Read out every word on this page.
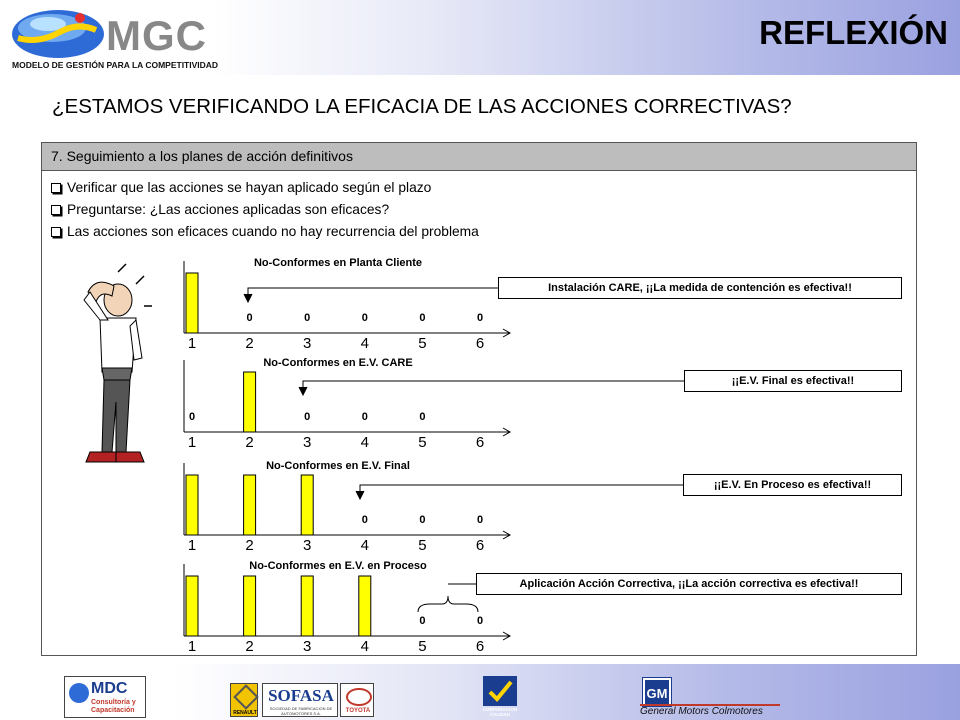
MGC
MODELO DE GESTIÓN PARA LA COMPETITIVIDAD
REFLEXIÓN
¿ESTAMOS VERIFICANDO LA EFICACIA DE LAS ACCIONES CORRECTIVAS?
7. Seguimiento a los planes de acción definitivos
Verificar que las acciones se hayan aplicado según el plazo
Preguntarse: ¿Las acciones aplicadas son eficaces?
Las acciones son eficaces cuando no hay recurrencia del problema
No-Conformes en Planta Cliente
1
0
2
0
3
0
4
0
5
0
6
No-Conformes en E.V. CARE
0
1	2
0
3
0
4
0
5	6
No-Conformes en E.V. Final
1	2	3
0
4
0
5
0
6
No-Conformes en E.V. en Proceso
1	2	3	4
0
5
0
6
Instalación CARE, ¡¡La medida de contención es efectiva!!
¡¡E.V. Final es efectiva!!
¡¡E.V. En Proceso es efectiva!!
Aplicación Acción Correctiva, ¡¡La acción correctiva es efectiva!!
MDC
Consultoría y Capacitación	RENAULT
SOFASA
SOCIEDAD DE FABRICACION DE AUTOMOTORES S.A.	TOYOTA	CORPORACION CALIDAD
GM
General Motors Colmotores
